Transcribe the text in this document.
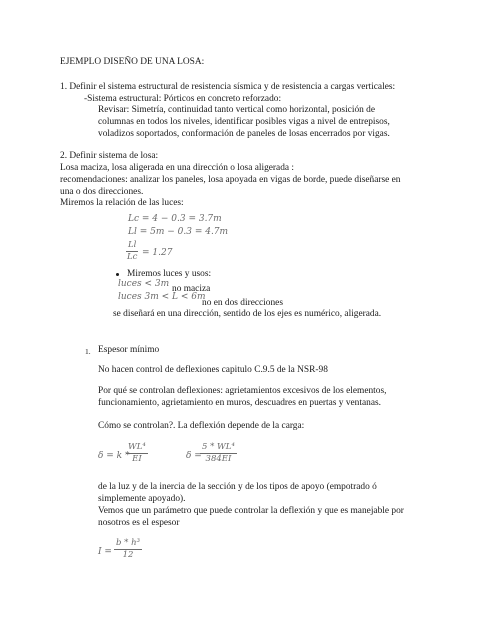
EJEMPLO DISEÑO DE UNA LOSA:
1. Definir el sistema estructural de resistencia sísmica y de resistencia a cargas verticales:
-Sistema estructural: Pórticos en concreto reforzado:
Revisar: Simetría, continuidad tanto vertical como horizontal, posición de
columnas en todos los niveles, identificar posibles vigas a nivel de entrepisos,
voladizos soportados, conformación de paneles de losas encerrados por vigas.
2. Definir sistema de losa:
Losa maciza, losa aligerada en una dirección o losa aligerada :
recomendaciones: analizar los paneles, losa apoyada en vigas de borde, puede diseñarse en
una o dos direcciones.
Miremos la relación de las luces:
Lc = 4 − 0.3 = 3.7m
Ll = 5m − 0.3 = 4.7m
$\frac{Ll}{Lc} = 1.27$
Miremos luces y usos:
luces < 3m no maciza
luces 3m < L < 6m
no en dos direcciones
se diseñará en una dirección, sentido de los ejes es numérico, aligerada.
1. Espesor mínimo
No hacen control de deflexiones capitulo C.9.5 de la NSR-98
Por qué se controlan deflexiones: agrietamientos excesivos de los elementos,
funcionamiento, agrietamiento en muros, descuadres en puertas y ventanas.
Cómo se controlan?. La deflexión depende de la carga:
δ = k *
$\frac{\text{WL⁴}}{EI}$	δ =
$\frac{\text{5 * WL⁴}}{384EI}$
de la luz y de la inercia de la sección y de los tipos de apoyo (empotrado ó
simplemente apoyado).
Vemos que un parámetro que puede controlar la deflexión y que es manejable por
nosotros es el espesor
$I = \frac{\text{b * h³}}{12}$
